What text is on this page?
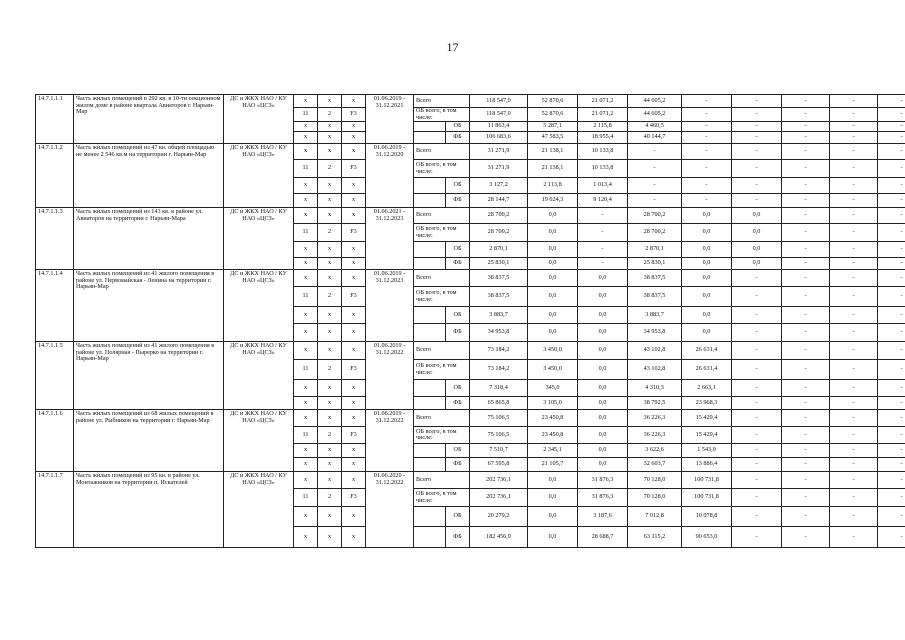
17
14.7.1.1.1	Часть жилых помещений в 292 кв. в 10-ти секционном жилом доме в районе квартала Авиаторов г. Нарьян-Мар	ДС и ЖКХ НАО / КУ НАО «ЦСЗ»	x	x	x	01.06.2019 - 31.12.2021	Всего		118 547,0	52 870,6	21 071,2	44 605,2	-	-	-	-	-
			11	2	F3		ОБ всего, в том числе:		118 547,0	52 870,6	21 071,2	44 605,2	-	-	-	-	-
			x	x	x			ОБ	11 863,4	5 287,1	2 115,8	4 460,5	-	-	-	-	-
			x	x	x			ФБ	106 683,6	47 583,5	18 955,4	40 144,7	-	-	-	-	-
14.7.1.1.2	Часть жилых помещений из 47 кв. общей площадью не менее 2 546 кв.м на территории г. Нарьян-Мар	ДС и ЖКХ НАО / КУ НАО «ЦСЗ»	x	x	x	01.06.2019 - 31.12.2020	Всего		31 271,9	21 138,1	10 133,8	-	-	-	-	-	-
			11	2	F3		ОБ всего, в том числе:		31 271,9	21 138,1	10 133,8	-	-	-	-	-	-
			x	x	x			ОБ	3 127,2	2 113,8	1 013,4	-	-	-	-	-	-
			x	x	x			ФБ	28 144,7	19 024,3	9 120,4	-	-	-	-	-	-
14.7.1.1.3	Часть жилых помещений из 143 кв. в районе ул. Авиаторов на территории г. Нарьян-Мара	ДС и ЖКХ НАО / КУ НАО «ЦСЗ»	x	x	x	01.06.2021 - 31.12.2023	Всего		28 700,2	0,0	-	28 700,2	0,0	0,0	-	-	-
			11	2	F3		ОБ всего, в том числе:		28 700,2	0,0	-	28 700,2	0,0	0,0	-	-	-
			x	x	x			ОБ	2 870,1	0,0	-	2 870,1	0,0	0,0	-	-	-
			x	x	x			ФБ	25 830,1	0,0	-	25 830,1	0,0	0,0	-	-	-
14.7.1.1.4	Часть жилых помещений из 41 жилого помещения в районе ул. Первомайская - Ленина на территории г. Нарьян-Мар	ДС и ЖКХ НАО / КУ НАО «ЦСЗ»	x	x	x	01.06.2019 - 31.12.2023	Всего		38 837,5	0,0	0,0	38 837,5	0,0	-	-	-	-
			11	2	F3		ОБ всего, в том числе:		38 837,5	0,0	0,0	38 837,5	0,0	-	-	-	-
			x	x	x			ОБ	3 883,7	0,0	0,0	3 883,7	0,0	-	-	-	-
			x	x	x			ФБ	34 953,8	0,0	0,0	34 953,8	0,0	-	-	-	-
14.7.1.1.5	Часть жилых помещений из 41 жилого помещения в районе ул. Полярная - Пырерко на территории г. Нарьян-Мар	ДС и ЖКХ НАО / КУ НАО «ЦСЗ»	x	x	x	01.06.2019 - 31.12.2022	Всего		73 184,2	3 450,0	0,0	43 102,8	26 631,4	-	-	-	-
			11	2	F3		ОБ всего, в том числе:		73 184,2	3 450,0	0,0	43 102,8	26 631,4	-	-	-	-
			x	x	x			ОБ	7 318,4	345,0	0,0	4 310,3	2 663,1	-	-	-	-
			x	x	x			ФБ	65 865,8	3 105,0	0,0	38 792,5	23 968,3	-	-	-	-
14.7.1.1.6	Часть жилых помещений из 68 жилых помещений в районе ул. Рыбников на территории г. Нарьян-Мар	ДС и ЖКХ НАО / КУ НАО «ЦСЗ»	x	x	x	01.06.2019 - 31.12.2022	Всего		75 106,5	23 450,8	0,0	36 226,3	15 429,4	-	-	-	-
			11	2	F3		ОБ всего, в том числе:		75 106,5	23 450,8	0,0	36 226,3	15 429,4	-	-	-	-
			x	x	x			ОБ	7 510,7	2 345,1	0,0	3 622,6	1 543,0	-	-	-	-
			x	x	x			ФБ	67 595,8	21 105,7	0,0	32 603,7	13 886,4	-	-	-	-
14.7.1.1.7	Часть жилых помещений из 95 кв. в районе ул. Монтажников на территории п. Искателей	ДС и ЖКХ НАО / КУ НАО «ЦСЗ»	x	x	x	01.06.2020 - 31.12.2022	Всего		202 736,1	0,0	31 876,3	70 128,0	100 731,8	-	-	-	-
			11	2	F3		ОБ всего, в том числе:		202 736,1	0,0	31 876,3	70 128,0	100 731,8	-	-	-	-
			x	x	x			ОБ	20 279,2	0,0	3 187,6	7 012,8	10 078,8	-	-	-	-
			x	x	x			ФБ	182 456,9	0,0	28 688,7	63 115,2	90 653,0	-	-	-	-
